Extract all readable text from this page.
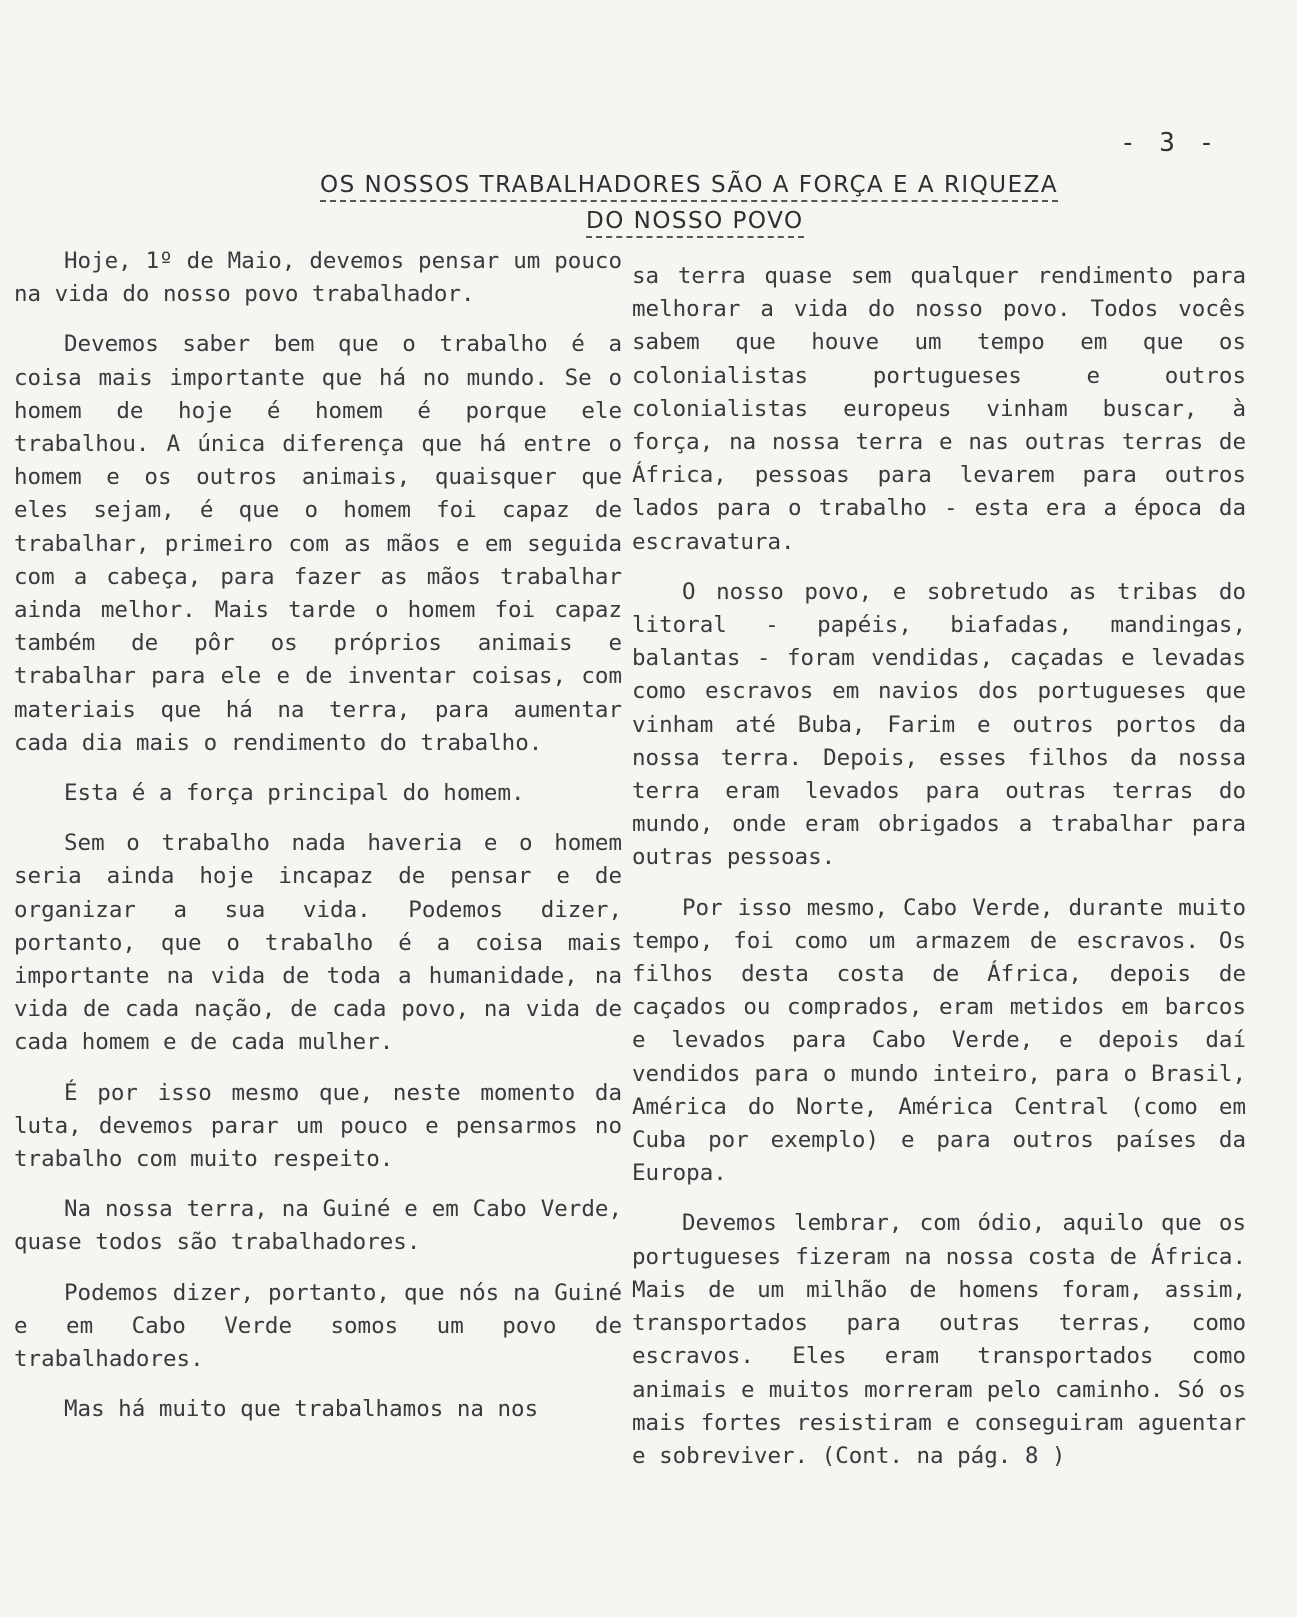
- 3 -
OS NOSSOS TRABALHADORES SÃO A FORÇA E A RIQUEZA
DO NOSSO POVO

Hoje, 1º de Maio, devemos pensar um pouco na vida do nosso povo trabalhador.

Devemos saber bem que o trabalho é a coisa mais importante que há no mundo. Se o homem de hoje é homem é porque ele trabalhou. A única diferença que há entre o homem e os outros animais, quaisquer que eles sejam, é que o homem foi capaz de trabalhar, primeiro com as mãos e em seguida com a cabeça, para fazer as mãos trabalhar ainda melhor. Mais tarde o homem foi capaz também de pôr os próprios animais e trabalhar para ele e de inventar coisas, com materiais que há na terra, para aumentar cada dia mais o rendimento do trabalho.

Esta é a força principal do homem.

Sem o trabalho nada haveria e o homem seria ainda hoje incapaz de pensar e de organizar a sua vida. Podemos dizer, portanto, que o trabalho é a coisa mais importante na vida de toda a humanidade, na vida de cada nação, de cada povo, na vida de cada homem e de cada mulher.

É por isso mesmo que, neste momento da luta, devemos parar um pouco e pensarmos no trabalho com muito respeito.

Na nossa terra, na Guiné e em Cabo Verde, quase todos são trabalhadores.

Podemos dizer, portanto, que nós na Guiné e em Cabo Verde somos um povo de trabalhadores.

Mas há muito que trabalhamos na nos

sa terra quase sem qualquer rendimento para melhorar a vida do nosso povo. Todos vocês sabem que houve um tempo em que os colonialistas portugueses e outros colonialistas europeus vinham buscar, à força, na nossa terra e nas outras terras de África, pessoas para levarem para outros lados para o trabalho - esta era a época da escravatura.

O nosso povo, e sobretudo as tribas do litoral - papéis, biafadas, mandingas, balantas - foram vendidas, caçadas e levadas como escravos em navios dos portugueses que vinham até Buba, Farim e outros portos da nossa terra. Depois, esses filhos da nossa terra eram levados para outras terras do mundo, onde eram obrigados a trabalhar para outras pessoas.

Por isso mesmo, Cabo Verde, durante muito tempo, foi como um armazem de escravos. Os filhos desta costa de África, depois de caçados ou comprados, eram metidos em barcos e levados para Cabo Verde, e depois daí vendidos para o mundo inteiro, para o Brasil, América do Norte, América Central (como em Cuba por exemplo) e para outros países da Europa.

Devemos lembrar, com ódio, aquilo que os portugueses fizeram na nossa costa de África. Mais de um milhão de homens foram, assim, transportados para outras terras, como escravos. Eles eram transportados como animais e muitos morreram pelo caminho. Só os mais fortes resistiram e conseguiram aguentar e sobreviver. (Cont. na pág. 8 )
